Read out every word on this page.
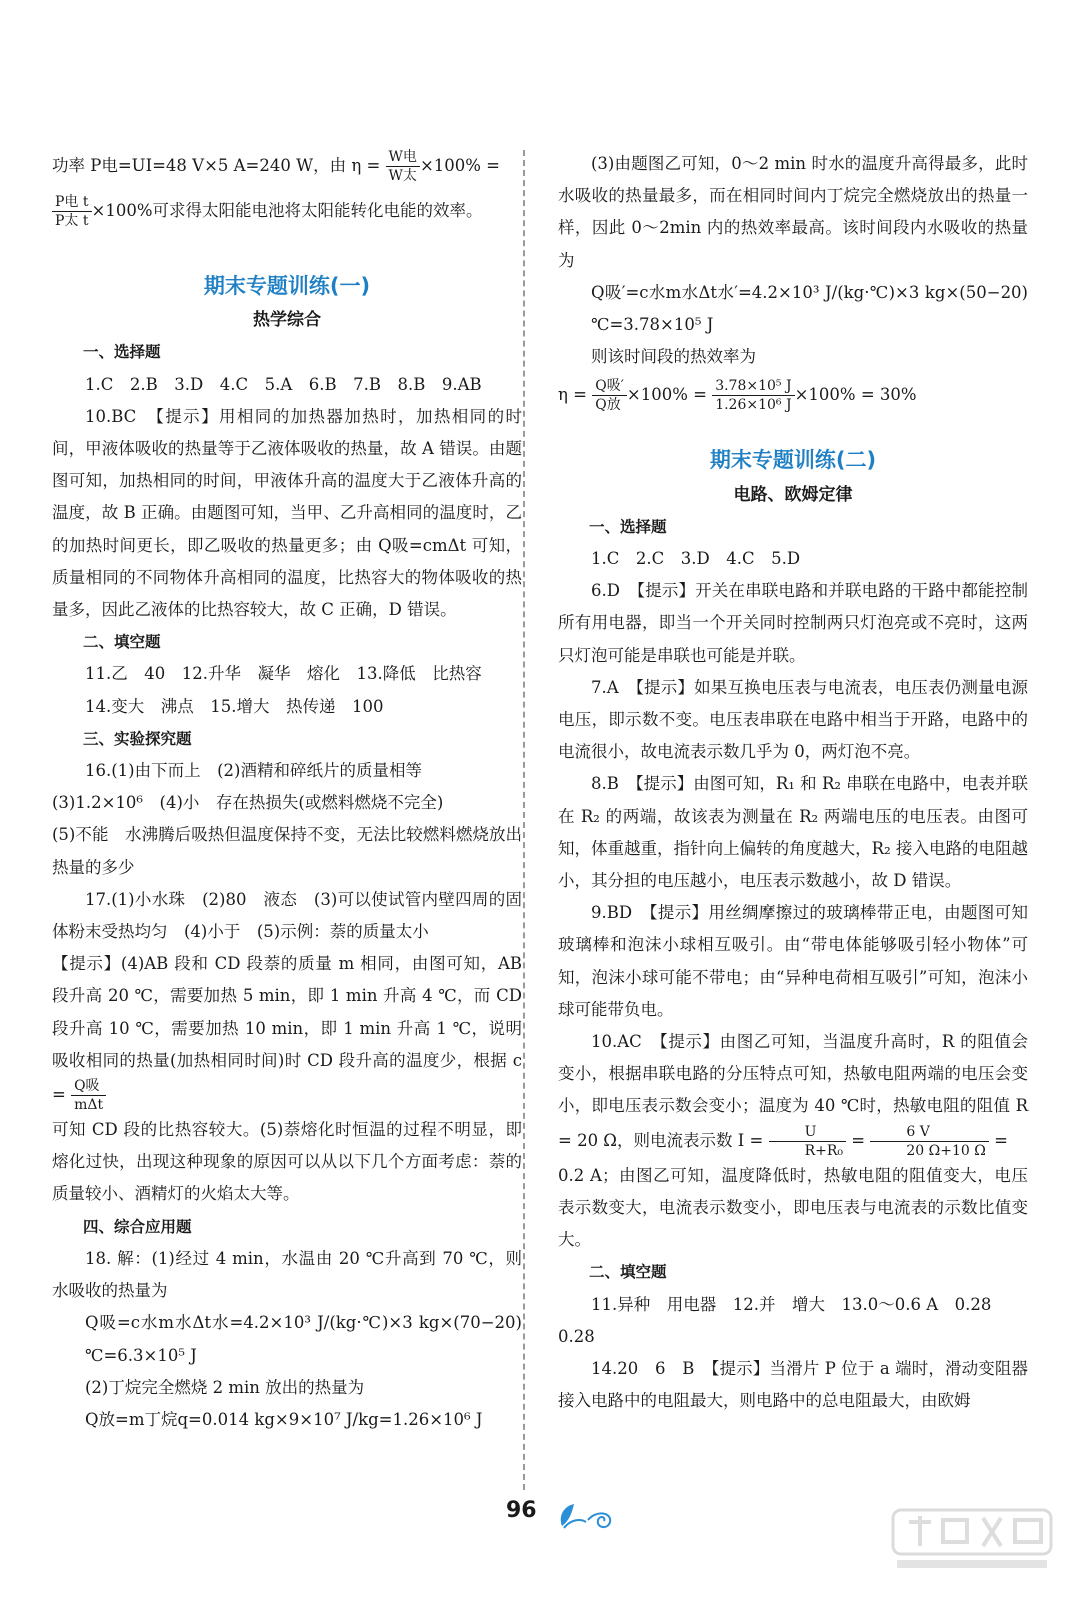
功率 P电=UI=48 V×5 A=240 W，由 $\eta = \frac{\text{W电}}{\text{W太}} \times 100\%$ =

$\frac{\text{P电 t}}{\text{P太 t}} \times 100\%$可求得太阳能电池将太阳能转化电能的效率。

期末专题训练(一)

热学综合

一、选择题

1.C　2.B　3.D　4.C　5.A　6.B　7.B　8.B　9.AB

10.BC　【提示】用相同的加热器加热时，加热相同的时间，甲液体吸收的热量等于乙液体吸收的热量，故 A 错误。由题图可知，加热相同的时间，甲液体升高的温度大于乙液体升高的温度，故 B 正确。由题图可知，当甲、乙升高相同的温度时，乙的加热时间更长，即乙吸收的热量更多；由 Q吸=cmΔt 可知，质量相同的不同物体升高相同的温度，比热容大的物体吸收的热量多，因此乙液体的比热容较大，故 C 正确，D 错误。

二、填空题

11.乙　40　12.升华　凝华　熔化　13.降低　比热容

14.变大　沸点　15.增大　热传递　100

三、实验探究题

16.(1)由下而上　(2)酒精和碎纸片的质量相等

(3)1.2×10⁶　(4)小　存在热损失(或燃料燃烧不完全)

(5)不能　水沸腾后吸热但温度保持不变，无法比较燃料燃烧放出热量的多少

17.(1)小水珠　(2)80　液态　(3)可以使试管内壁四周的固体粉末受热均匀　(4)小于　(5)示例：萘的质量太小

【提示】(4)AB 段和 CD 段萘的质量 m 相同，由图可知，AB 段升高 20 ℃，需要加热 5 min，即 1 min 升高 4 ℃，而 CD 段升高 10 ℃，需要加热 10 min，即 1 min 升高 1 ℃，说明吸收相同的热量(加热相同时间)时 CD 段升高的温度少，根据 $c = \frac{\text{Q吸}}{\text{mΔt}}$

可知 CD 段的比热容较大。(5)萘熔化时恒温的过程不明显，即熔化过快，出现这种现象的原因可以从以下几个方面考虑：萘的质量较小、酒精灯的火焰太大等。

四、综合应用题

18. 解：(1)经过 4 min，水温由 20 ℃升高到 70 ℃，则水吸收的热量为

Q吸=c水m水Δt水=4.2×10³ J/(kg·℃)×3 kg×(70−20) ℃=6.3×10⁵ J

(2)丁烷完全燃烧 2 min 放出的热量为

Q放=m丁烷q=0.014 kg×9×10⁷ J/kg=1.26×10⁶ J

(3)由题图乙可知，0～2 min 时水的温度升高得最多，此时水吸收的热量最多，而在相同时间内丁烷完全燃烧放出的热量一样，因此 0～2min 内的热效率最高。该时间段内水吸收的热量为

Q吸′=c水m水Δt水′=4.2×10³ J/(kg·℃)×3 kg×(50−20) ℃=3.78×10⁵ J

则该时间段的热效率为

$\eta = \frac{\text{Q吸′}}{\text{Q放}} \times 100\% = \frac{\text{3.78×10⁵ J}}{\text{1.26×10⁶ J}} \times 100\% = 30\%$

期末专题训练(二)

电路、欧姆定律

一、选择题

1.C　2.C　3.D　4.C　5.D

6.D　【提示】开关在串联电路和并联电路的干路中都能控制所有用电器，即当一个开关同时控制两只灯泡亮或不亮时，这两只灯泡可能是串联也可能是并联。

7.A　【提示】如果互换电压表与电流表，电压表仍测量电源电压，即示数不变。电压表串联在电路中相当于开路，电路中的电流很小，故电流表示数几乎为 0，两灯泡不亮。

8.B　【提示】由图可知，R₁ 和 R₂ 串联在电路中，电表并联在 R₂ 的两端，故该表为测量在 R₂ 两端电压的电压表。由图可知，体重越重，指针向上偏转的角度越大，R₂ 接入电路的电阻越小，其分担的电压越小，电压表示数越小，故 D 错误。

9.BD　【提示】用丝绸摩擦过的玻璃棒带正电，由题图可知玻璃棒和泡沫小球相互吸引。由“带电体能够吸引轻小物体”可知，泡沫小球可能不带电；由“异种电荷相互吸引”可知，泡沫小球可能带负电。

10.AC　【提示】由图乙可知，当温度升高时，R 的阻值会变小，根据串联电路的分压特点可知，热敏电阻两端的电压会变小，即电压表示数会变小；温度为 40 ℃时，热敏电阻的阻值 R = 20 Ω，则电流表示数 $I = \frac{U}{\text{R+R₀}} = \frac{6 V}{20 \Omega+10 \Omega}$ =

0.2 A；由图乙可知，温度降低时，热敏电阻的阻值变大，电压表示数变大，电流表示数变小，即电压表与电流表的示数比值变大。

二、填空题

11.异种　用电器　12.并　增大　13.0～0.6 A　0.28

0.28

14.20　6　B　【提示】当滑片 P 位于 a 端时，滑动变阻器接入电路中的电阻最大，则电路中的总电阻最大，由欧姆

96
